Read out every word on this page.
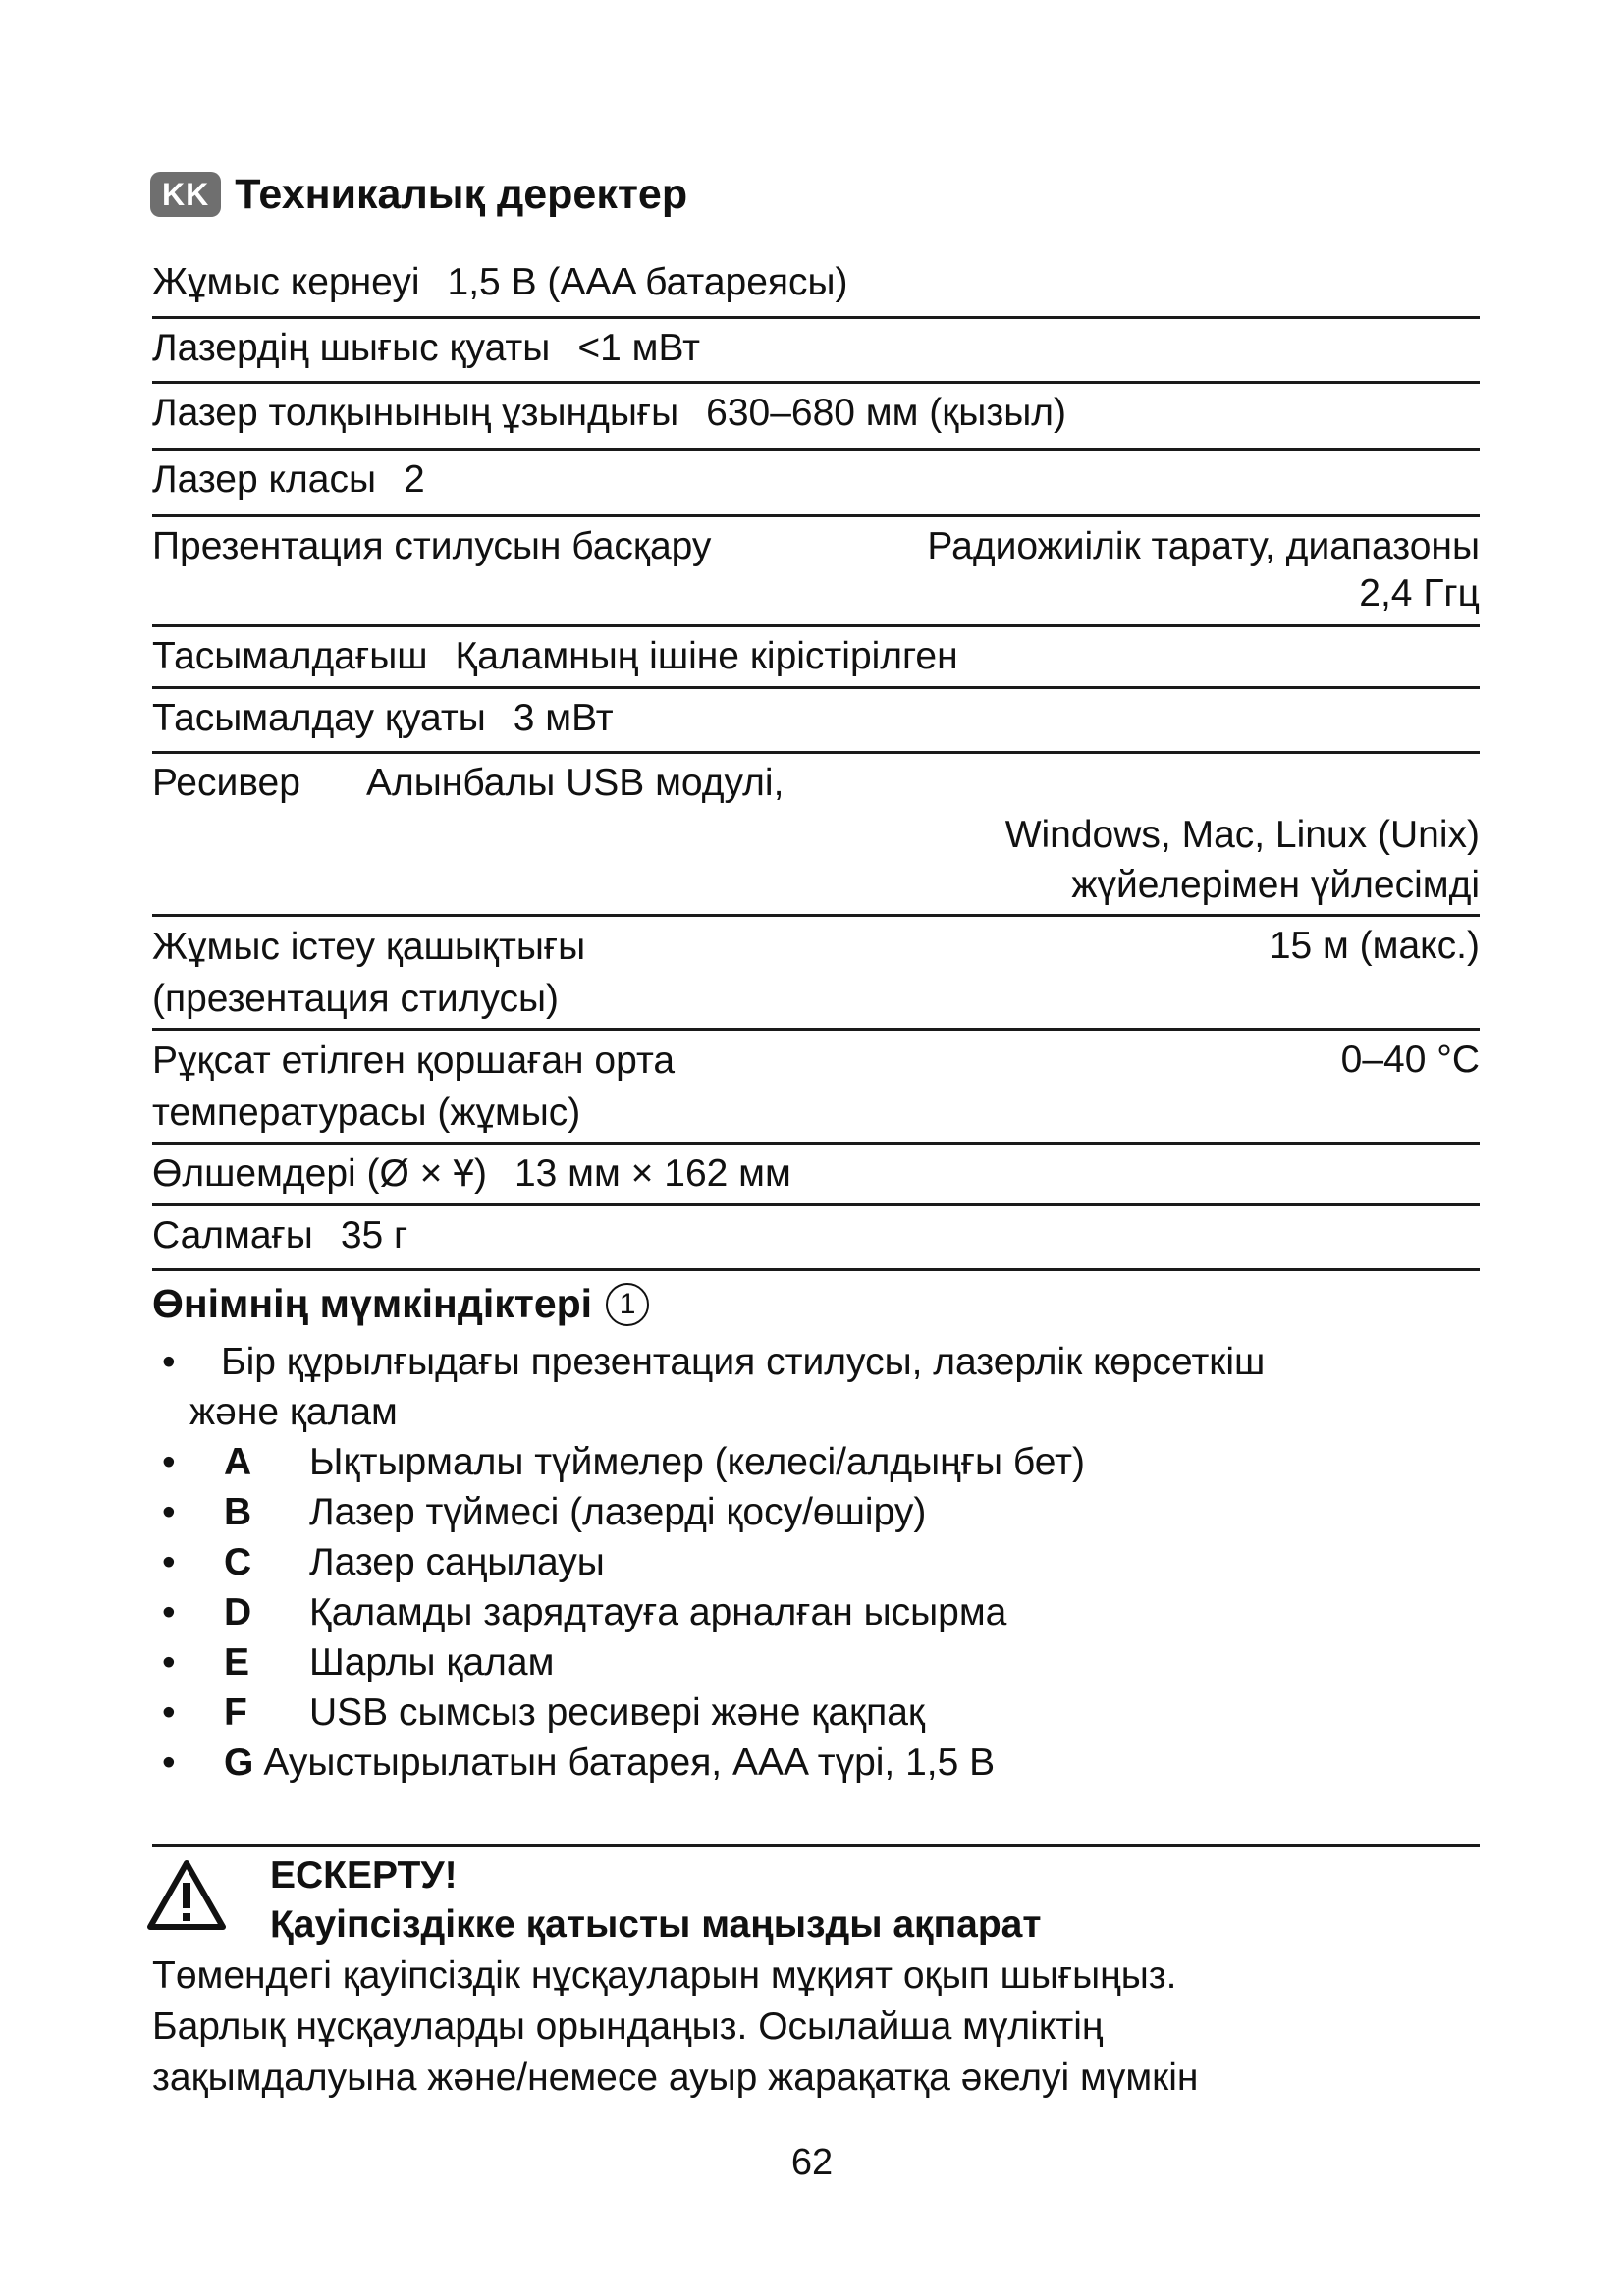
KK Техникалық деректер
Жұмыс кернеуі 1,5 В (AAA батареясы)
Лазердің шығыс қуаты <1 мВт
Лазер толқынының ұзындығы 630–680 мм (қызыл)
Лазер класы 2
Презентация стилусын басқару	Радиожиілік тарату, диапазоны
2,4 Ггц
Тасымалдағыш Қаламның ішіне кірістірілген
Тасымалдау қуаты 3 мВт
Ресивер Алынбалы USB модулі,
Windows, Mac, Linux (Unix)
жүйелерімен үйлесімді
Жұмыс істеу қашықтығы
(презентация стилусы)
15 м (макс.)
Рұқсат етілген қоршаған орта
температурасы (жұмыс)
0–40 °C
Өлшемдері (Ø × Ұ) 13 мм × 162 мм
Салмағы 35 г
Өнімнің мүмкіндіктері 1
• Бір құрылғыдағы презентация стилусы, лазерлік көрсеткіш
және қалам
• A	Ықтырмалы түймелер (келесі/алдыңғы бет)
• B	Лазер түймесі (лазерді қосу/өшіру)
• C	Лазер саңылауы
• D	Қаламды зарядтауға арналған ысырма
• E	Шарлы қалам
• F	USB сымсыз ресивері және қақпақ
•	G Ауыстырылатын батарея, AAA түрі, 1,5 В
ЕСКЕРТУ!
Қауіпсіздікке қатысты маңызды ақпарат
Төмендегі қауіпсіздік нұсқауларын мұқият оқып шығыңыз.
Барлық нұсқауларды орындаңыз. Осылайша мүліктің
зақымдалуына және/немесе ауыр жарақатқа әкелуі мүмкін
62
